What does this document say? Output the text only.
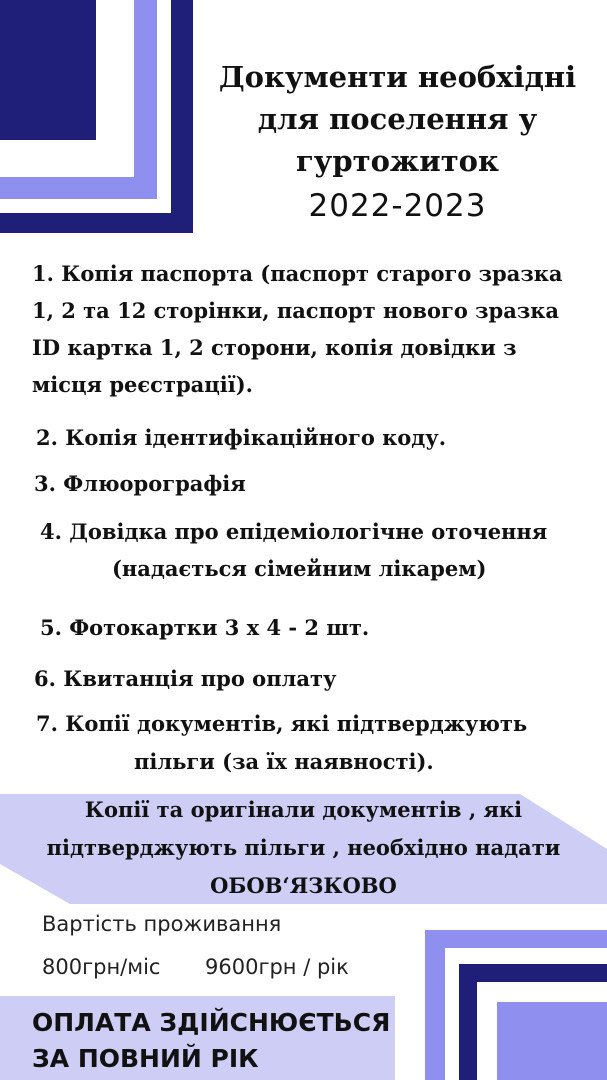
Документи необхідні
для поселення у
гуртожиток
2022-2023
1. Копія паспорта (паспорт старого зразка
1, 2 та 12 сторінки, паспорт нового зразка
ID картка 1, 2 сторони, копія довідки з
місця реєстрації).
2. Копія ідентифікаційного коду.
3. Флюорографія
4. Довідка про епідеміологічне оточення
(надається сімейним лікарем)
5. Фотокартки 3 х 4 - 2 шт.
6. Квитанція про оплату
7. Копії документів, які підтверджують
пільги (за їх наявності).
Копії та оригінали документів , які
підтверджують пільги , необхідно надати
ОБОВ‘ЯЗКОВО
Вартість проживання
800грн/міс 9600грн / рік
ОПЛАТА ЗДІЙСНЮЄТЬСЯ
ЗА ПОВНИЙ РІК
